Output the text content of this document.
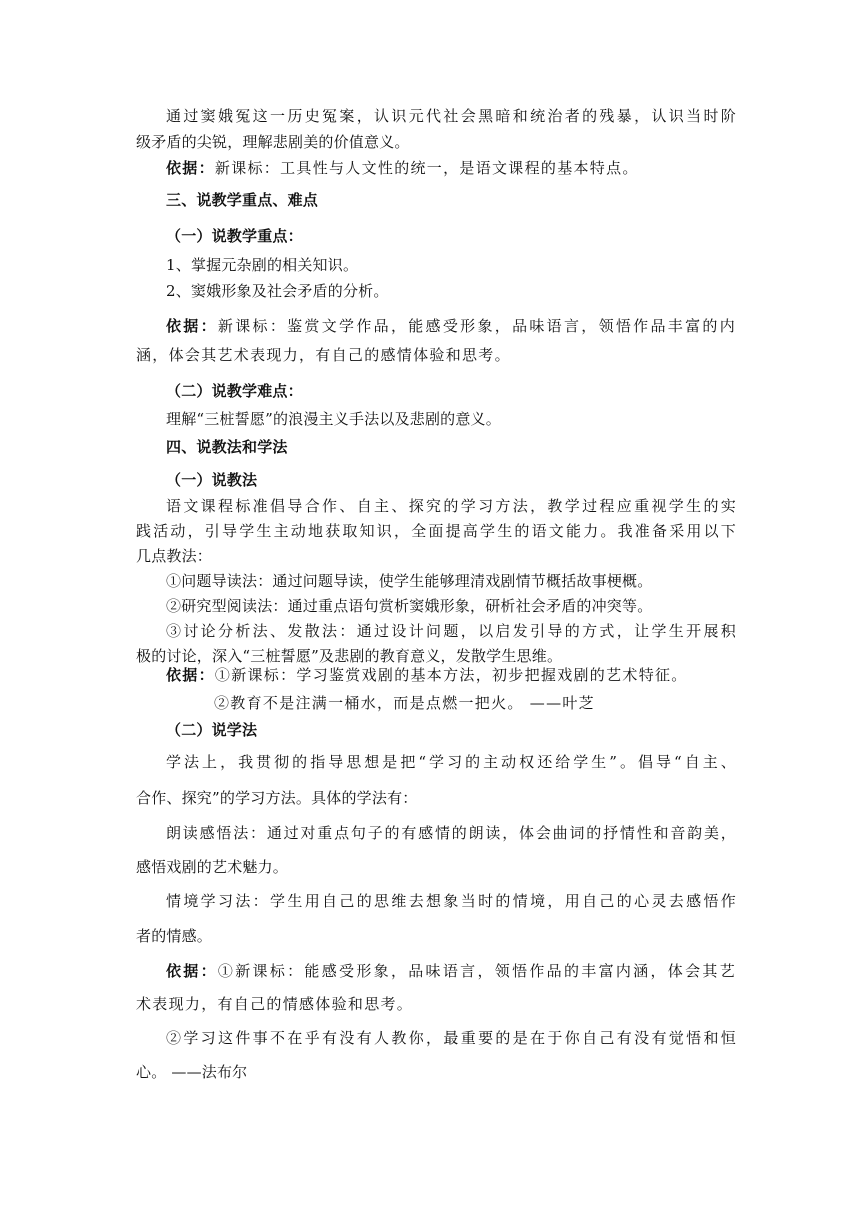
通过窦娥冤这一历史冤案，认识元代社会黑暗和统治者的残暴，认识当时阶
级矛盾的尖锐，理解悲剧美的价值意义。
依据：新课标：工具性与人文性的统一，是语文课程的基本特点。
三、说教学重点、难点
（一）说教学重点：
1、掌握元杂剧的相关知识。
2、窦娥形象及社会矛盾的分析。
依据：新课标：鉴赏文学作品，能感受形象，品味语言，领悟作品丰富的内
涵，体会其艺术表现力，有自己的感情体验和思考。
（二）说教学难点：
理解“三桩誓愿”的浪漫主义手法以及悲剧的意义。
四、说教法和学法
（一）说教法
语文课程标准倡导合作、自主、探究的学习方法，教学过程应重视学生的实
践活动，引导学生主动地获取知识，全面提高学生的语文能力。我准备采用以下
几点教法：
①问题导读法：通过问题导读，使学生能够理清戏剧情节概括故事梗概。
②研究型阅读法：通过重点语句赏析窦娥形象，研析社会矛盾的冲突等。
③讨论分析法、发散法：通过设计问题，以启发引导的方式，让学生开展积
极的讨论，深入“三桩誓愿”及悲剧的教育意义，发散学生思维。
依据：①新课标：学习鉴赏戏剧的基本方法，初步把握戏剧的艺术特征。
②教育不是注满一桶水，而是点燃一把火。 ——叶芝
（二）说学法
学法上，我贯彻的指导思想是把“学习的主动权还给学生”。倡导“自主、
合作、探究”的学习方法。具体的学法有：
朗读感悟法：通过对重点句子的有感情的朗读，体会曲词的抒情性和音韵美，
感悟戏剧的艺术魅力。
情境学习法：学生用自己的思维去想象当时的情境，用自己的心灵去感悟作
者的情感。
依据：①新课标：能感受形象，品味语言，领悟作品的丰富内涵，体会其艺
术表现力，有自己的情感体验和思考。
②学习这件事不在乎有没有人教你，最重要的是在于你自己有没有觉悟和恒
心。 ——法布尔
